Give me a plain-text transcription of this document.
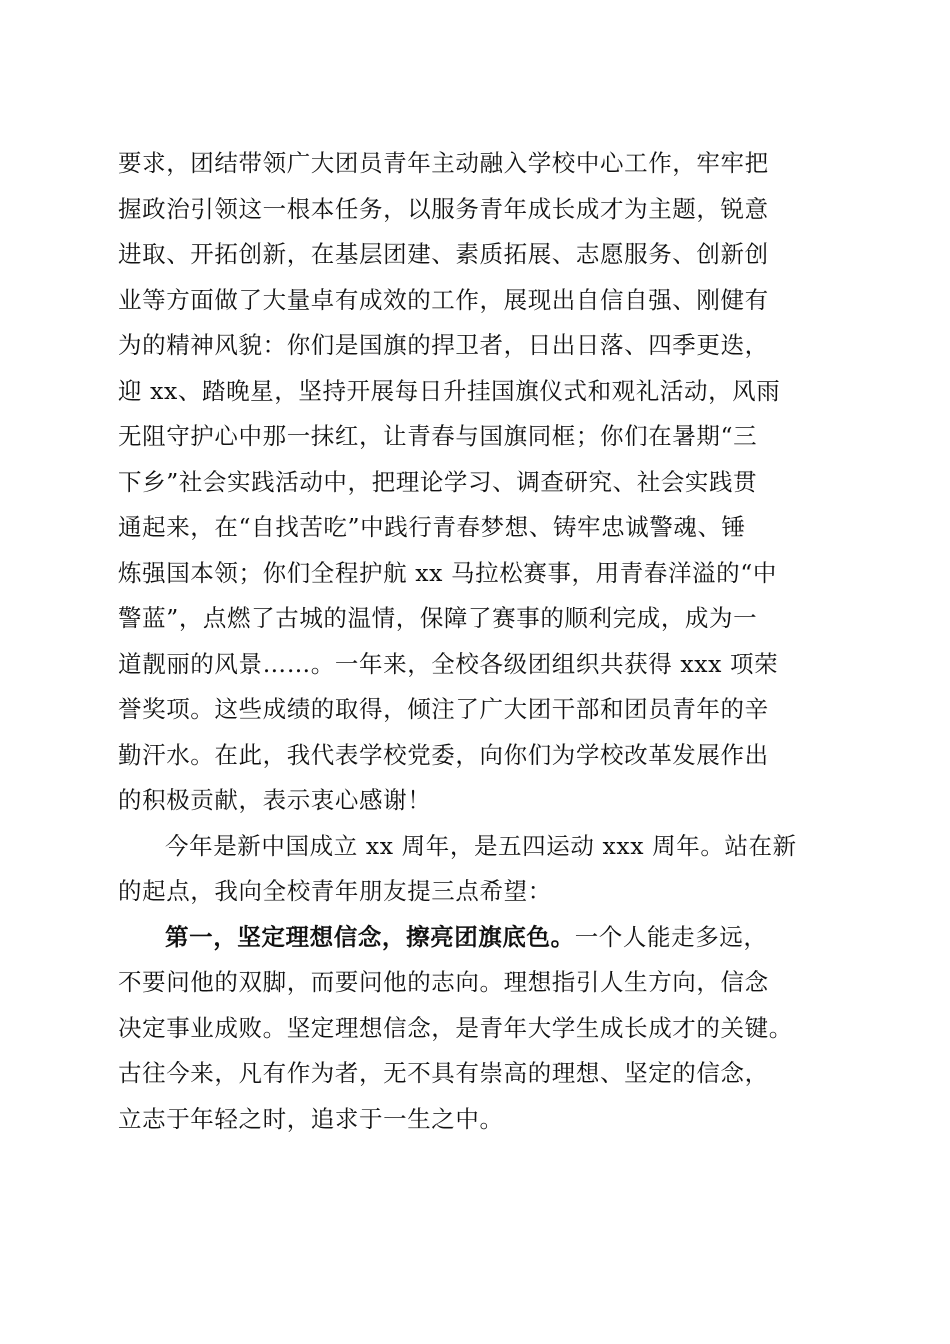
要求，团结带领广大团员青年主动融入学校中心工作，牢牢把
握政治引领这一根本任务，以服务青年成长成才为主题，锐意
进取、开拓创新，在基层团建、素质拓展、志愿服务、创新创
业等方面做了大量卓有成效的工作，展现出自信自强、刚健有
为的精神风貌：你们是国旗的捍卫者，日出日落、四季更迭，
迎 xx、踏晚星，坚持开展每日升挂国旗仪式和观礼活动，风雨
无阻守护心中那一抹红，让青春与国旗同框；你们在暑期“三
下乡”社会实践活动中，把理论学习、调查研究、社会实践贯
通起来，在“自找苦吃”中践行青春梦想、铸牢忠诚警魂、锤
炼强国本领；你们全程护航 xx 马拉松赛事，用青春洋溢的“中
警蓝”，点燃了古城的温情，保障了赛事的顺利完成，成为一
道靓丽的风景……。一年来，全校各级团组织共获得 xxx 项荣
誉奖项。这些成绩的取得，倾注了广大团干部和团员青年的辛
勤汗水。在此，我代表学校党委，向你们为学校改革发展作出
的积极贡献，表示衷心感谢！
今年是新中国成立 xx 周年，是五四运动 xxx 周年。站在新
的起点，我向全校青年朋友提三点希望：
第一，坚定理想信念，擦亮团旗底色。一个人能走多远，
不要问他的双脚，而要问他的志向。理想指引人生方向，信念
决定事业成败。坚定理想信念，是青年大学生成长成才的关键。
古往今来，凡有作为者，无不具有崇高的理想、坚定的信念，
立志于年轻之时，追求于一生之中。
